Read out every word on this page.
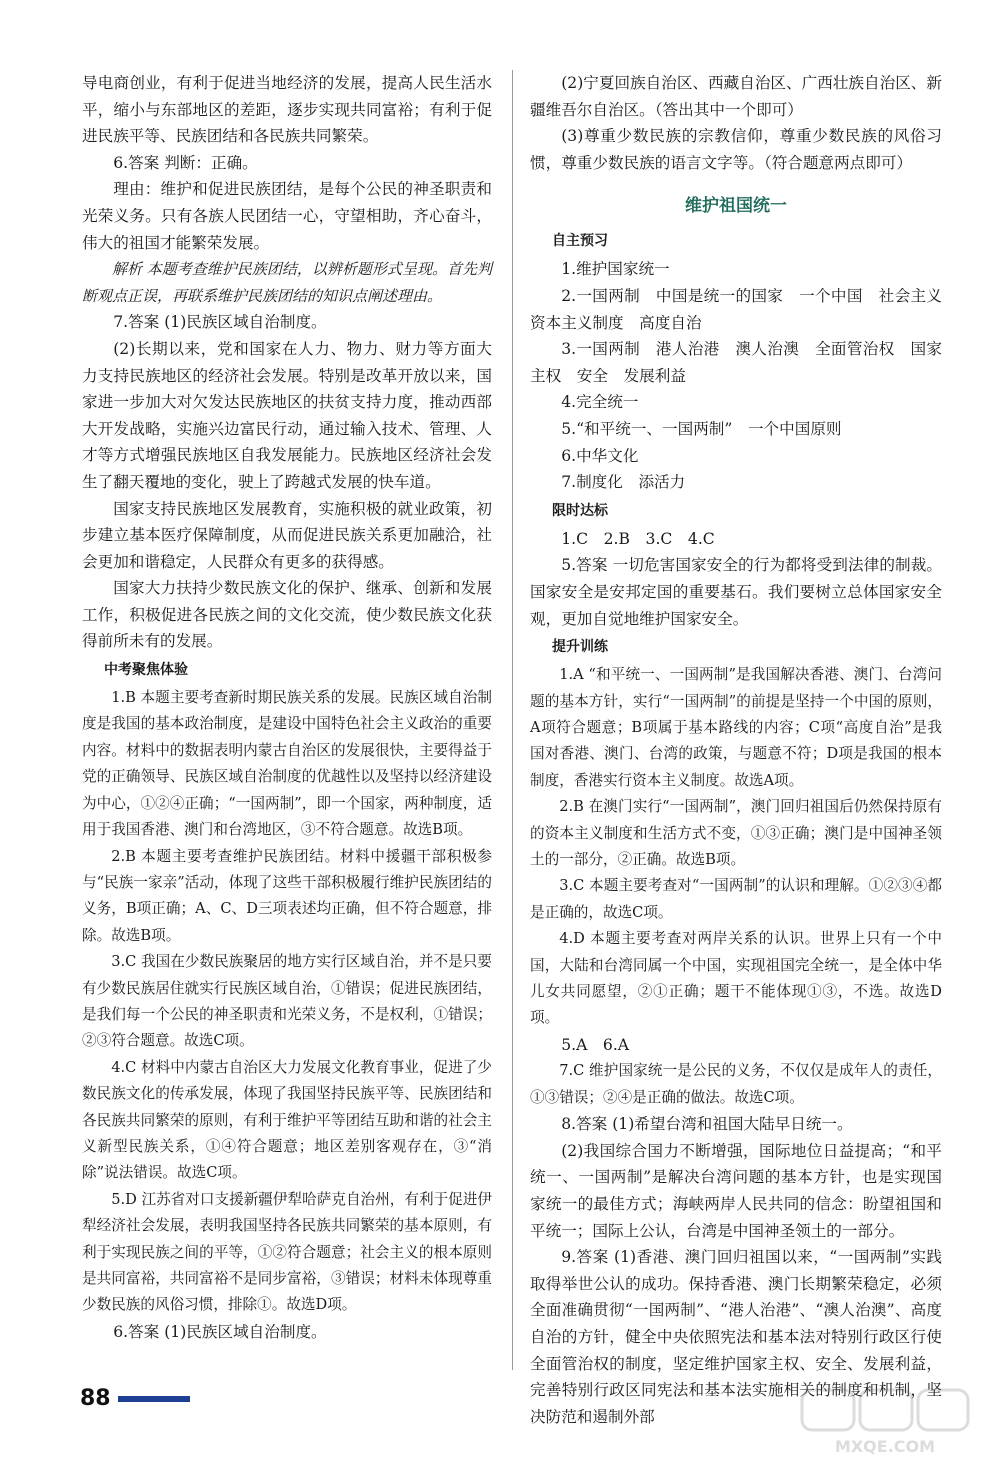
导电商创业，有利于促进当地经济的发展，提高人民生活水平，缩小与东部地区的差距，逐步实现共同富裕；有利于促进民族平等、民族团结和各民族共同繁荣。

6.答案 判断：正确。

理由：维护和促进民族团结，是每个公民的神圣职责和光荣义务。只有各族人民团结一心，守望相助，齐心奋斗，伟大的祖国才能繁荣发展。

解析 本题考查维护民族团结，以辨析题形式呈现。首先判断观点正误，再联系维护民族团结的知识点阐述理由。

7.答案 (1)民族区域自治制度。

(2)长期以来，党和国家在人力、物力、财力等方面大力支持民族地区的经济社会发展。特别是改革开放以来，国家进一步加大对欠发达民族地区的扶贫支持力度，推动西部大开发战略，实施兴边富民行动，通过输入技术、管理、人才等方式增强民族地区自我发展能力。民族地区经济社会发生了翻天覆地的变化，驶上了跨越式发展的快车道。

国家支持民族地区发展教育，实施积极的就业政策，初步建立基本医疗保障制度，从而促进民族关系更加融洽，社会更加和谐稳定，人民群众有更多的获得感。

国家大力扶持少数民族文化的保护、继承、创新和发展工作，积极促进各民族之间的文化交流，使少数民族文化获得前所未有的发展。

中考聚焦体验

1.B 本题主要考查新时期民族关系的发展。民族区域自治制度是我国的基本政治制度，是建设中国特色社会主义政治的重要内容。材料中的数据表明内蒙古自治区的发展很快，主要得益于党的正确领导、民族区域自治制度的优越性以及坚持以经济建设为中心，①②④正确；“一国两制”，即一个国家，两种制度，适用于我国香港、澳门和台湾地区，③不符合题意。故选B项。

2.B 本题主要考查维护民族团结。材料中援疆干部积极参与“民族一家亲”活动，体现了这些干部积极履行维护民族团结的义务，B项正确；A、C、D三项表述均正确，但不符合题意，排除。故选B项。

3.C 我国在少数民族聚居的地方实行区域自治，并不是只要有少数民族居住就实行民族区域自治，①错误；促进民族团结，是我们每一个公民的神圣职责和光荣义务，不是权利，①错误；②③符合题意。故选C项。

4.C 材料中内蒙古自治区大力发展文化教育事业，促进了少数民族文化的传承发展，体现了我国坚持民族平等、民族团结和各民族共同繁荣的原则，有利于维护平等团结互助和谐的社会主义新型民族关系，①④符合题意；地区差别客观存在，③“消除”说法错误。故选C项。

5.D 江苏省对口支援新疆伊犁哈萨克自治州，有利于促进伊犁经济社会发展，表明我国坚持各民族共同繁荣的基本原则，有利于实现民族之间的平等，①②符合题意；社会主义的根本原则是共同富裕，共同富裕不是同步富裕，③错误；材料未体现尊重少数民族的风俗习惯，排除①。故选D项。

6.答案 (1)民族区域自治制度。

(2)宁夏回族自治区、西藏自治区、广西壮族自治区、新疆维吾尔自治区。（答出其中一个即可）

(3)尊重少数民族的宗教信仰，尊重少数民族的风俗习惯，尊重少数民族的语言文字等。（符合题意两点即可）

维护祖国统一
自主预习

1.维护国家统一

2.一国两制　中国是统一的国家　一个中国　社会主义　资本主义制度　高度自治

3.一国两制　港人治港　澳人治澳　全面管治权　国家主权　安全　发展利益

4.完全统一

5.“和平统一、一国两制”　一个中国原则

6.中华文化

7.制度化　添活力

限时达标

1.C　2.B　3.C　4.C

5.答案 一切危害国家安全的行为都将受到法律的制裁。国家安全是安邦定国的重要基石。我们要树立总体国家安全观，更加自觉地维护国家安全。

提升训练

1.A “和平统一、一国两制”是我国解决香港、澳门、台湾问题的基本方针，实行“一国两制”的前提是坚持一个中国的原则，A项符合题意；B项属于基本路线的内容；C项“高度自治”是我国对香港、澳门、台湾的政策，与题意不符；D项是我国的根本制度，香港实行资本主义制度。故选A项。

2.B 在澳门实行“一国两制”，澳门回归祖国后仍然保持原有的资本主义制度和生活方式不变，①③正确；澳门是中国神圣领土的一部分，②正确。故选B项。

3.C 本题主要考查对“一国两制”的认识和理解。①②③④都是正确的，故选C项。

4.D 本题主要考查对两岸关系的认识。世界上只有一个中国，大陆和台湾同属一个中国，实现祖国完全统一，是全体中华儿女共同愿望，②①正确；题干不能体现①③，不选。故选D项。

5.A　6.A

7.C 维护国家统一是公民的义务，不仅仅是成年人的责任，①③错误；②④是正确的做法。故选C项。

8.答案 (1)希望台湾和祖国大陆早日统一。

(2)我国综合国力不断增强，国际地位日益提高；“和平统一、一国两制”是解决台湾问题的基本方针，也是实现国家统一的最佳方式；海峡两岸人民共同的信念：盼望祖国和平统一；国际上公认，台湾是中国神圣领土的一部分。

9.答案 (1)香港、澳门回归祖国以来，“一国两制”实践取得举世公认的成功。保持香港、澳门长期繁荣稳定，必须全面准确贯彻“一国两制”、“港人治港”、“澳人治澳”、高度自治的方针，健全中央依照宪法和基本法对特别行政区行使全面管治权的制度，坚定维护国家主权、安全、发展利益，完善特别行政区同宪法和基本法实施相关的制度和机制，坚决防范和遏制外部

88
MXQE.COM
